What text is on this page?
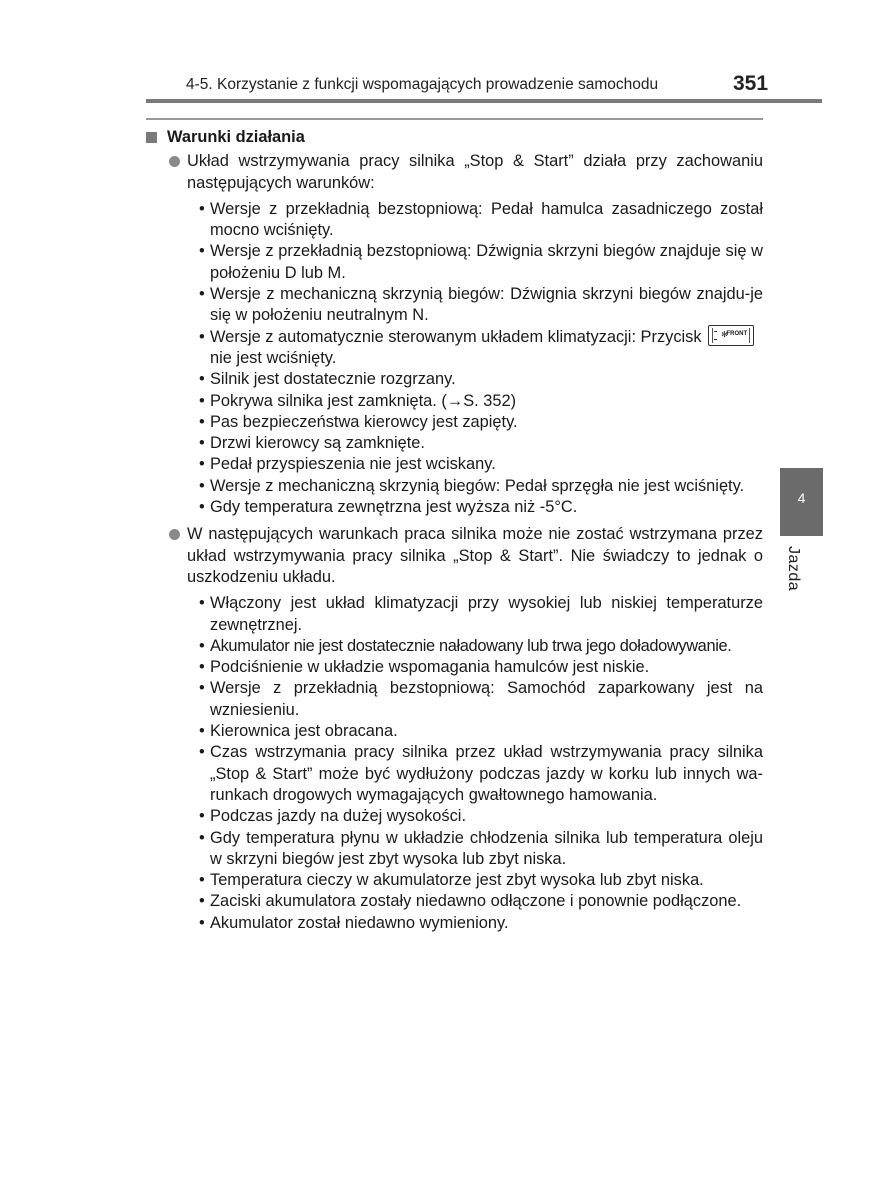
4-5. Korzystanie z funkcji wspomagających prowadzenie samochodu	351
4
Jazda
Warunki działania
Układ wstrzymywania pracy silnika „Stop & Start” działa przy zachowaniu następujących warunków:
• Wersje z przekładnią bezstopniową: Pedał hamulca zasadniczego został mocno wciśnięty.
• Wersje z przekładnią bezstopniową: Dźwignia skrzyni biegów znajduje się w położeniu D lub M.
• Wersje z mechaniczną skrzynią biegów: Dźwignia skrzyni biegów znajdu-je się w położeniu neutralnym N.
• Wersje z automatycznie sterowanym układem klimatyzacji: Przycisk ✻
FRONT

nie jest wciśnięty.
• Silnik jest dostatecznie rozgrzany.
• Pokrywa silnika jest zamknięta. (→S. 352)
• Pas bezpieczeństwa kierowcy jest zapięty.
• Drzwi kierowcy są zamknięte.
• Pedał przyspieszenia nie jest wciskany.
• Wersje z mechaniczną skrzynią biegów: Pedał sprzęgła nie jest wciśnięty.
• Gdy temperatura zewnętrzna jest wyższa niż -5°C.
W następujących warunkach praca silnika może nie zostać wstrzymana przez układ wstrzymywania pracy silnika „Stop & Start”. Nie świadczy to jednak o uszkodzeniu układu.
• Włączony jest układ klimatyzacji przy wysokiej lub niskiej temperaturze zewnętrznej.
• Akumulator nie jest dostatecznie naładowany lub trwa jego doładowywanie.
• Podciśnienie w układzie wspomagania hamulców jest niskie.
• Wersje z przekładnią bezstopniową: Samochód zaparkowany jest na wzniesieniu.
• Kierownica jest obracana.
• Czas wstrzymania pracy silnika przez układ wstrzymywania pracy silnika „Stop & Start” może być wydłużony podczas jazdy w korku lub innych wa-runkach drogowych wymagających gwałtownego hamowania.
• Podczas jazdy na dużej wysokości.
• Gdy temperatura płynu w układzie chłodzenia silnika lub temperatura oleju w skrzyni biegów jest zbyt wysoka lub zbyt niska.
• Temperatura cieczy w akumulatorze jest zbyt wysoka lub zbyt niska.
• Zaciski akumulatora zostały niedawno odłączone i ponownie podłączone.
• Akumulator został niedawno wymieniony.
